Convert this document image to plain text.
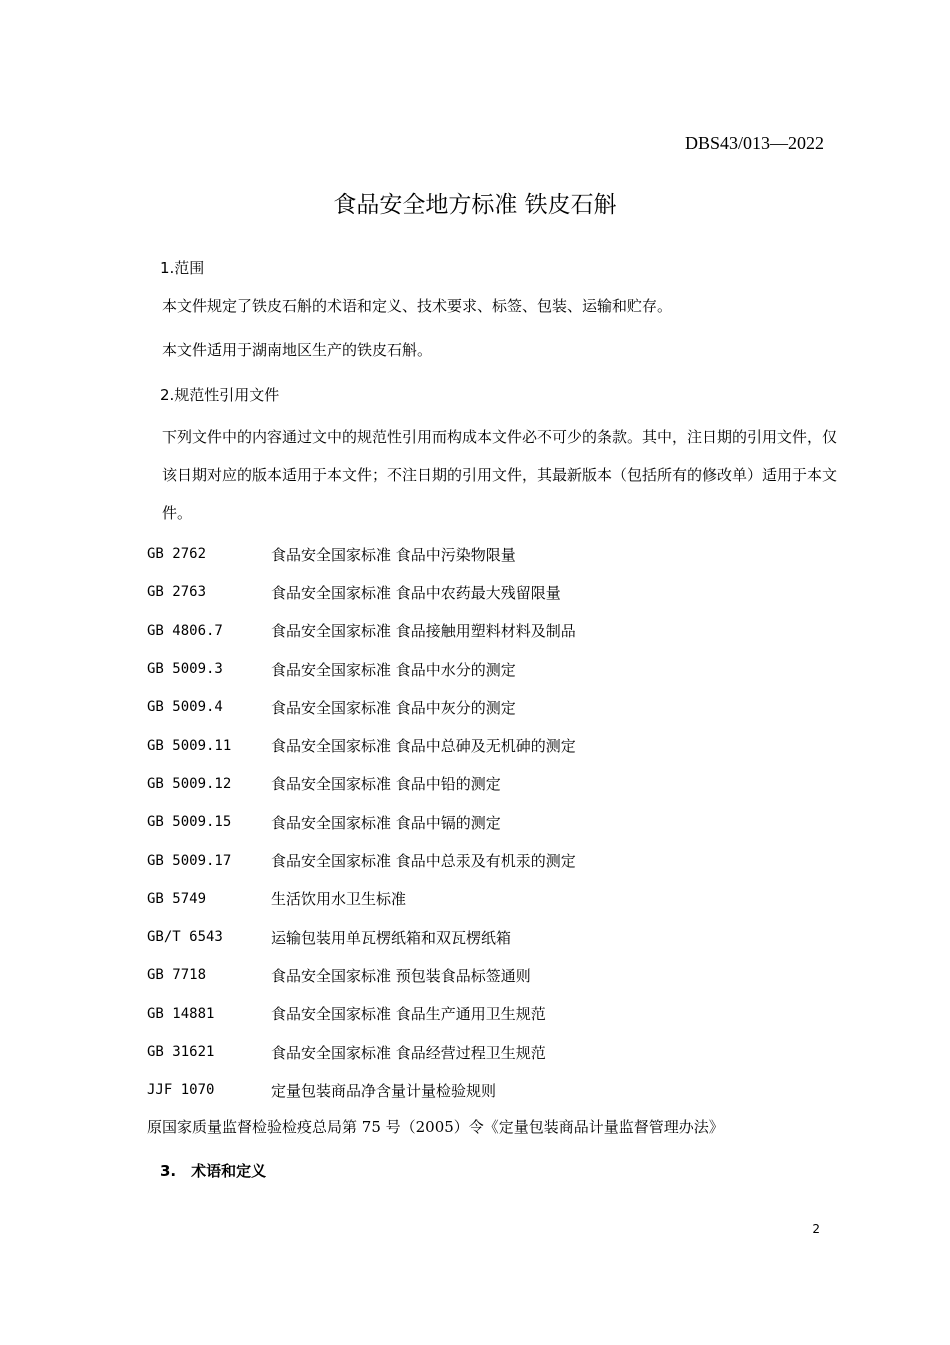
DBS43/013—2022
食品安全地方标准 铁皮石斛
1.范围
本文件规定了铁皮石斛的术语和定义、技术要求、标签、包装、运输和贮存。
本文件适用于湖南地区生产的铁皮石斛。
2.规范性引用文件
下列文件中的内容通过文中的规范性引用而构成本文件必不可少的条款。其中，注日期的引用文件，仅该日期对应的版本适用于本文件；不注日期的引用文件，其最新版本（包括所有的修改单）适用于本文件。
GB 2762	食品安全国家标准 食品中污染物限量
GB 2763	食品安全国家标准 食品中农药最大残留限量
GB 4806.7	食品安全国家标准 食品接触用塑料材料及制品
GB 5009.3	食品安全国家标准 食品中水分的测定
GB 5009.4	食品安全国家标准 食品中灰分的测定
GB 5009.11	食品安全国家标准 食品中总砷及无机砷的测定
GB 5009.12	食品安全国家标准 食品中铅的测定
GB 5009.15	食品安全国家标准 食品中镉的测定
GB 5009.17	食品安全国家标准 食品中总汞及有机汞的测定
GB 5749	生活饮用水卫生标准
GB/T 6543	运输包装用单瓦楞纸箱和双瓦楞纸箱
GB 7718	食品安全国家标准 预包装食品标签通则
GB 14881	食品安全国家标准 食品生产通用卫生规范
GB 31621	食品安全国家标准 食品经营过程卫生规范
JJF 1070	定量包装商品净含量计量检验规则
原国家质量监督检验检疫总局第 75 号（2005）令《定量包装商品计量监督管理办法》
3.　术语和定义
2
